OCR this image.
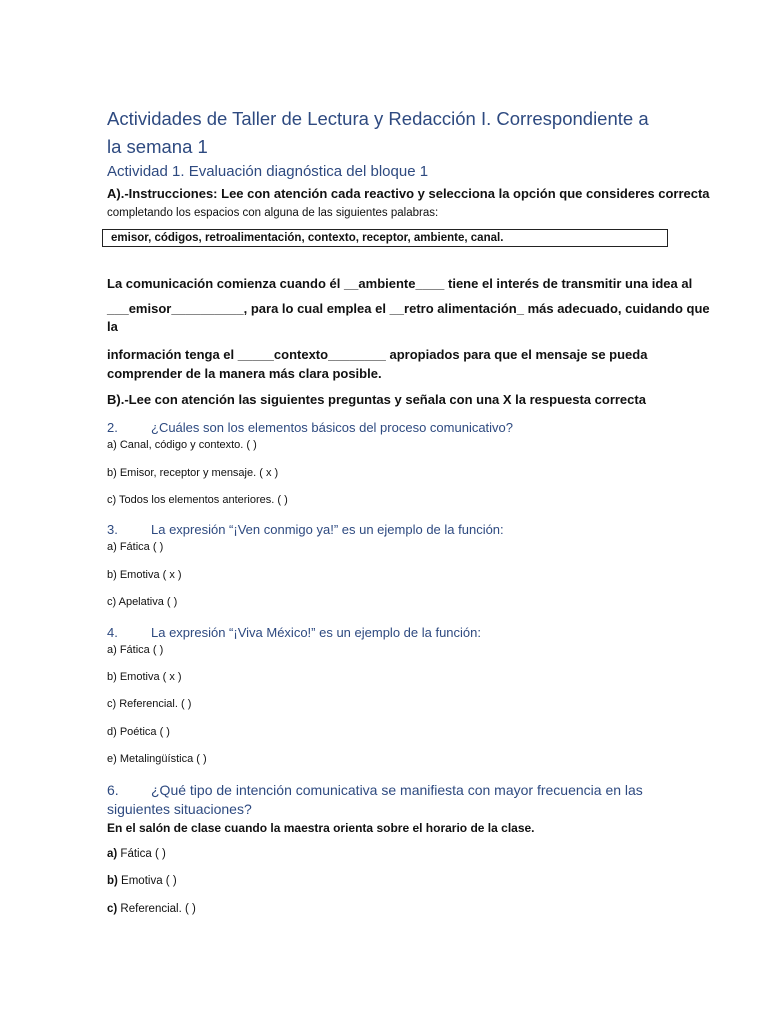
Actividades de Taller de Lectura y Redacción I. Correspondiente a la semana 1
Actividad 1. Evaluación diagnóstica del bloque 1
A).-Instrucciones: Lee con atención cada reactivo y selecciona la opción que consideres correcta
completando los espacios con alguna de las siguientes palabras:
emisor, códigos, retroalimentación, contexto, receptor, ambiente, canal.
La comunicación comienza cuando él __ambiente____ tiene el interés de transmitir una idea al
___emisor__________, para lo cual emplea el __retro alimentación_ más adecuado, cuidando que
la
información tenga el _____contexto________ apropiados para que el mensaje se pueda
comprender de la manera más clara posible.
B).-Lee con atención las siguientes preguntas y señala con una X la respuesta correcta
2.	¿Cuáles son los elementos básicos del proceso comunicativo?
a) Canal, código y contexto. ( )
b) Emisor, receptor y mensaje. ( x )
c) Todos los elementos anteriores. ( )
3.	La expresión “¡Ven conmigo ya!” es un ejemplo de la función:
a) Fática ( )
b) Emotiva ( x )
c) Apelativa ( )
4.	La expresión “¡Viva México!” es un ejemplo de la función:
a) Fática ( )
b) Emotiva ( x )
c) Referencial. ( )
d) Poética ( )
e) Metalingüística ( )
6. ¿Qué tipo de intención comunicativa se manifiesta con mayor frecuencia en las siguientes situaciones?
En el salón de clase cuando la maestra orienta sobre el horario de la clase.
a) Fática ( )
b) Emotiva ( )
c) Referencial. ( )
